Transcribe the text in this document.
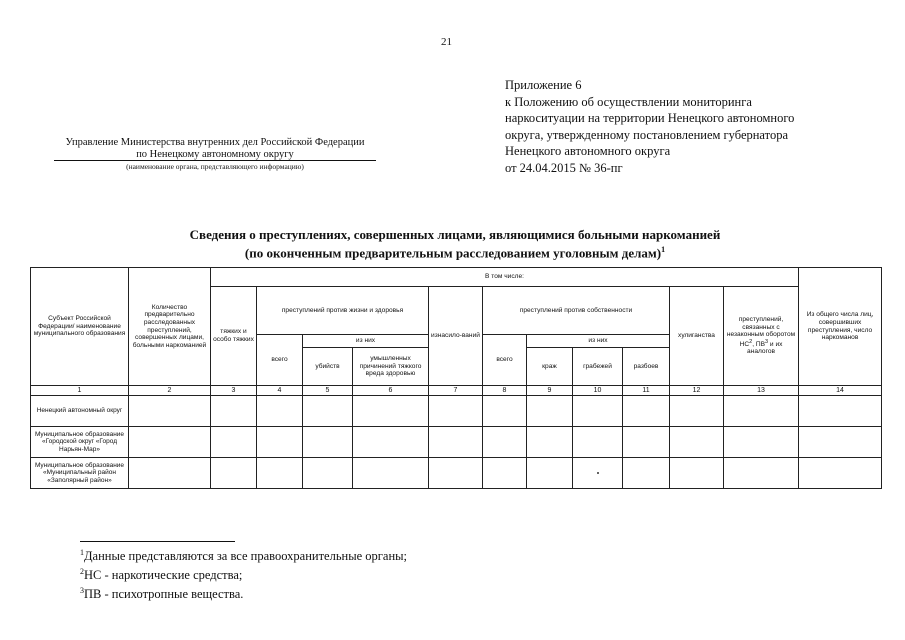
21
Приложение 6
к Положению об осуществлении мониторинга
наркоситуации на территории Ненецкого автономного
округа, утвержденному постановлением губернатора
Ненецкого автономного округа
от 24.04.2015 № 36-пг
Управление Министерства внутренних дел Российской Федерации
по Ненецкому автономному округу
(наименование органа, представляющего информацию)
Сведения о преступлениях, совершенных лицами, являющимися больными наркоманией
(по оконченным предварительным расследованием уголовным делам)$^1$
Субъект Российской Федерации/ наименование муниципального образования	Количество предварительно расследованных преступлений, совершенных лицами, больными наркоманией	В том числе:											Из общего числа лиц, совершивших преступления, число наркоманов
		тяжких и особо тяжких	преступлений против жизни и здоровья			изнасило-ваний	преступлений против собственности				хулиганства	преступлений, связанных с незаконным оборотом $НС^2$, $ПВ^3$ и их аналогов	
			всего	из них			всего	из них					
				убийств	умышленных причинений тяжкого вреда здоровью			краж	грабежей	разбоев			
1	2	3	4	5	6	7	8	9	10	11	12	13	14
Ненецкий автономный округ													
Муниципальное образование «Городской округ «Город Нарьян-Мар»													
Муниципальное образование «Муниципальный район «Заполярный район»													
$^1$Данные представляются за все правоохранительные органы;
$^2$НС - наркотические средства;
$^3$ПВ - психотропные вещества.
